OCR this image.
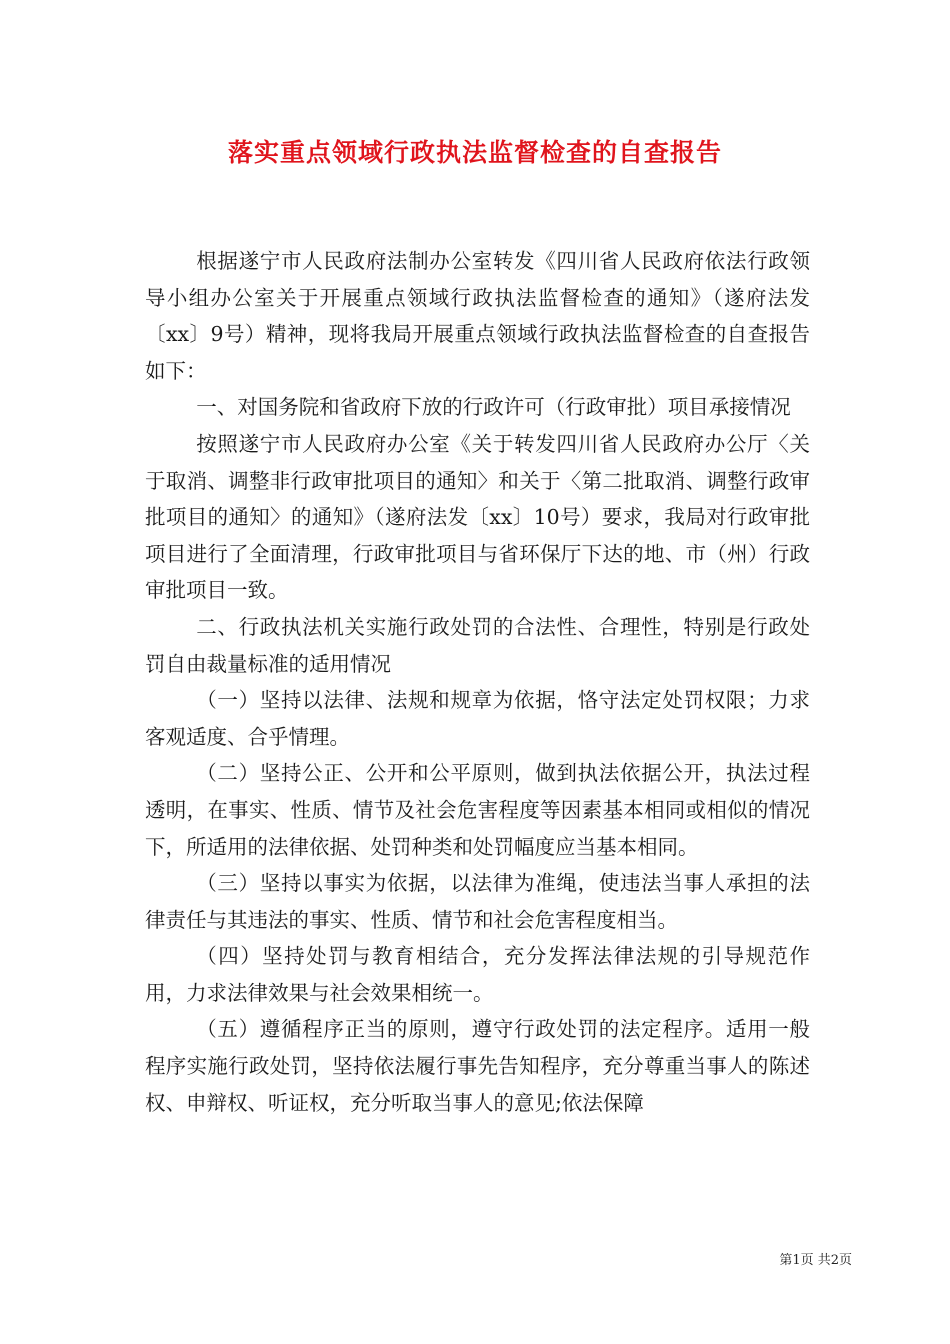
落实重点领域行政执法监督检查的自查报告

根据遂宁市人民政府法制办公室转发《四川省人民政府依法行政领导小组办公室关于开展重点领域行政执法监督检查的通知》（遂府法发〔xx〕9号）精神，现将我局开展重点领域行政执法监督检查的自查报告如下：

一、对国务院和省政府下放的行政许可（行政审批）项目承接情况

按照遂宁市人民政府办公室《关于转发四川省人民政府办公厅〈关于取消、调整非行政审批项目的通知〉和关于〈第二批取消、调整行政审批项目的通知〉的通知》（遂府法发〔xx〕10号）要求，我局对行政审批项目进行了全面清理，行政审批项目与省环保厅下达的地、市（州）行政审批项目一致。

二、行政执法机关实施行政处罚的合法性、合理性，特别是行政处罚自由裁量标准的适用情况

（一）坚持以法律、法规和规章为依据，恪守法定处罚权限；力求客观适度、合乎情理。

（二）坚持公正、公开和公平原则，做到执法依据公开，执法过程透明，在事实、性质、情节及社会危害程度等因素基本相同或相似的情况下，所适用的法律依据、处罚种类和处罚幅度应当基本相同。

（三）坚持以事实为依据，以法律为准绳，使违法当事人承担的法律责任与其违法的事实、性质、情节和社会危害程度相当。

（四）坚持处罚与教育相结合，充分发挥法律法规的引导规范作用，力求法律效果与社会效果相统一。

（五）遵循程序正当的原则，遵守行政处罚的法定程序。适用一般程序实施行政处罚，坚持依法履行事先告知程序，充分尊重当事人的陈述权、申辩权、听证权，充分听取当事人的意见;依法保障

第1页 共2页
